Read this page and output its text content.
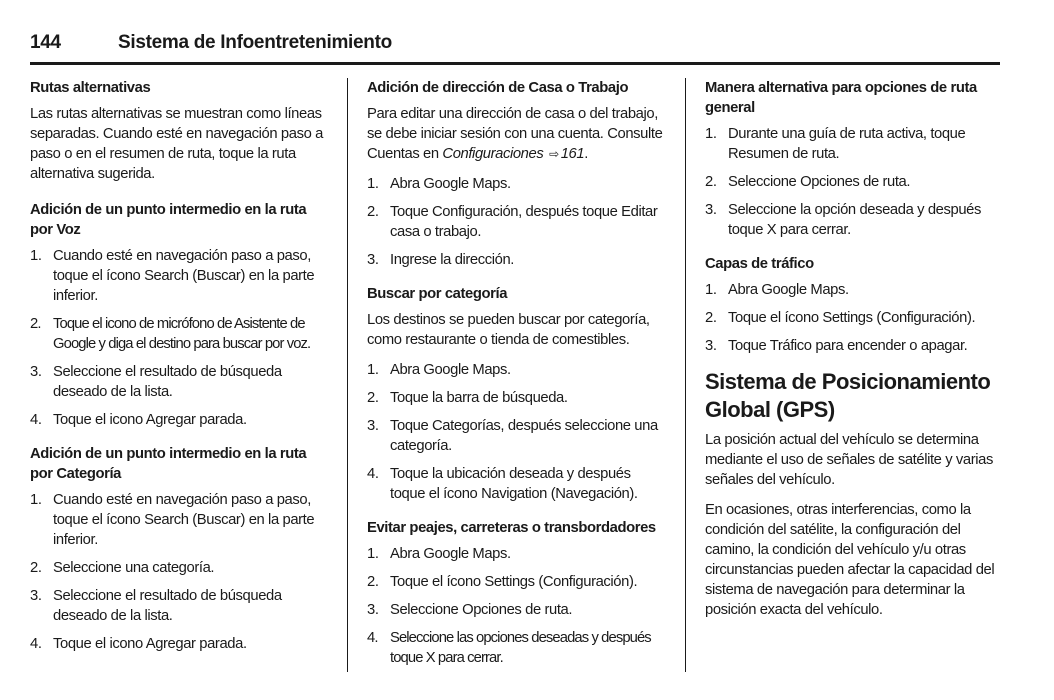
144	Sistema de Infoentretenimiento
Rutas alternativas
Las rutas alternativas se muestran como líneas separadas. Cuando esté en navegación paso a paso o en el resumen de ruta, toque la ruta alternativa sugerida.
Adición de un punto intermedio en la ruta por Voz
1. Cuando esté en navegación paso a paso, toque el ícono Search (Buscar) en la parte inferior.
2. Toque el icono de micrófono de Asistente de Google y diga el destino para buscar por voz.
3. Seleccione el resultado de búsqueda deseado de la lista.
4. Toque el icono Agregar parada.
Adición de un punto intermedio en la ruta por Categoría
1. Cuando esté en navegación paso a paso, toque el ícono Search (Buscar) en la parte inferior.
2. Seleccione una categoría.
3. Seleccione el resultado de búsqueda deseado de la lista.
4. Toque el icono Agregar parada.
Adición de dirección de Casa o Trabajo
Para editar una dirección de casa o del trabajo, se debe iniciar sesión con una cuenta. Consulte Cuentas en Configuraciones ⇨ 161.
1. Abra Google Maps.
2. Toque Configuración, después toque Editar casa o trabajo.
3. Ingrese la dirección.
Buscar por categoría
Los destinos se pueden buscar por categoría, como restaurante o tienda de comestibles.
1. Abra Google Maps.
2. Toque la barra de búsqueda.
3. Toque Categorías, después seleccione una categoría.
4. Toque la ubicación deseada y después toque el ícono Navigation (Navegación).
Evitar peajes, carreteras o transbordadores
1. Abra Google Maps.
2. Toque el ícono Settings (Configuración).
3. Seleccione Opciones de ruta.
4. Seleccione las opciones deseadas y después toque X para cerrar.
Manera alternativa para opciones de ruta general
1. Durante una guía de ruta activa, toque Resumen de ruta.
2. Seleccione Opciones de ruta.
3. Seleccione la opción deseada y después toque X para cerrar.
Capas de tráfico
1. Abra Google Maps.
2. Toque el ícono Settings (Configuración).
3. Toque Tráfico para encender o apagar.
Sistema de Posicionamiento Global (GPS)
La posición actual del vehículo se determina mediante el uso de señales de satélite y varias señales del vehículo.
En ocasiones, otras interferencias, como la condición del satélite, la configuración del camino, la condición del vehículo y/u otras circunstancias pueden afectar la capacidad del sistema de navegación para determinar la posición exacta del vehículo.
